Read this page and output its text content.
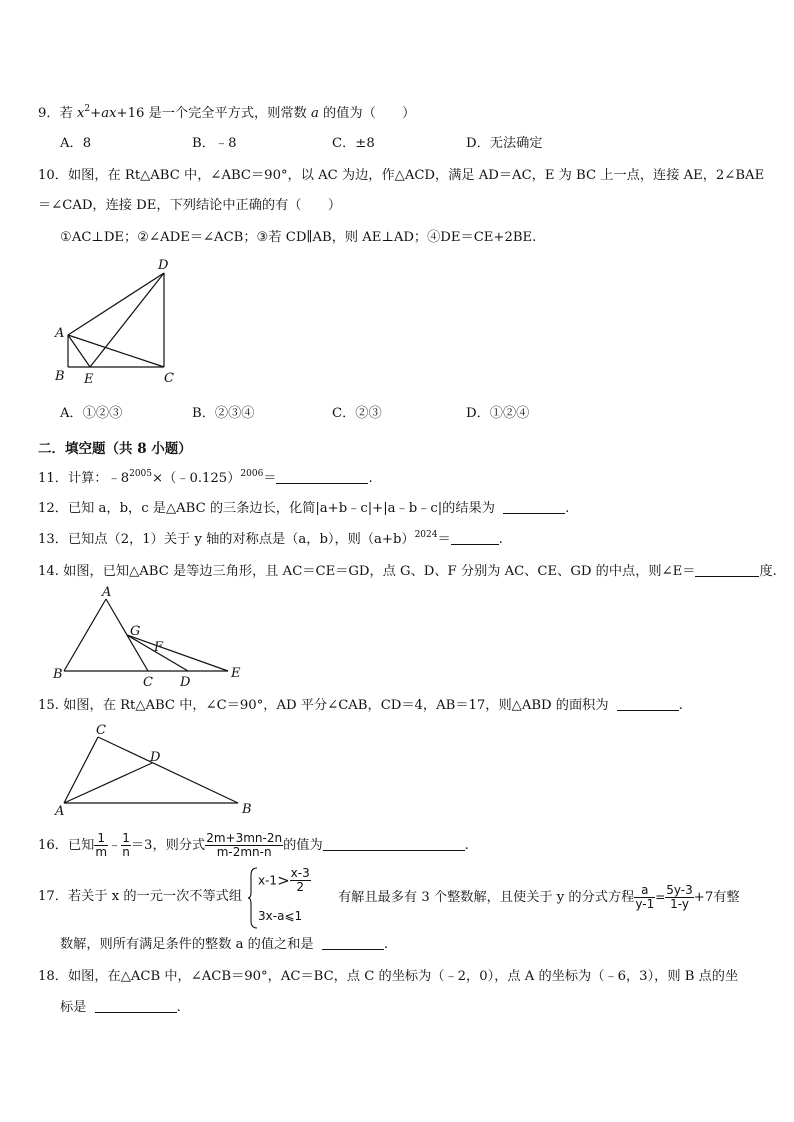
9．若 $x^2+ax+16$ 是一个完全平方式，则常数 a 的值为（　　）
A．8	B．﹣8	C．±8	D．无法确定
10．如图，在 Rt△ABC 中，∠ABC＝90°，以 AC 为边，作△ACD，满足 AD＝AC，E 为 BC 上一点，连接 AE，2∠BAE
＝∠CAD，连接 DE，下列结论中正确的有（　　）
①AC⊥DE；②∠ADE＝∠ACB；③若 CD∥AB，则 AE⊥AD；④DE＝CE+2BE.
D
A
B E	C
A．①②③	B．②③④	C．②③	D．①②④
二．填空题（共 8 小题）
11．计算：$﹣8^{2005}\times(﹣0.125)^{2006}=$	.
12．已知 a，b，c 是△ABC 的三条边长，化简|a+b﹣c|+|a﹣b﹣c|的结果为	.
13．已知点（2，1）关于 y 轴的对称点是（a，b），则$(a+b)^{2024}=$	.
14. 如图，已知△ABC 是等边三角形，且 AC＝CE＝GD，点 G、D、F 分别为 AC、CE、GD 的中点，则∠E＝	度.
A
G
F
B
C D
E
15. 如图，在 Rt△ABC 中，∠C＝90°，AD 平分∠CAB，CD＝4，AB＝17，则△ABD 的面积为	.
C
D
A	B
16．已知 $\frac{1}{m}$ ﹣ $\frac{1}{n} =3$，则分式 $\frac{2m+3mn-2n}{m-2mn-n}$ 的值为	.
17．若关于 x 的一元一次不等式组
$x-1> \frac{x-3}{2}$
3x-a⩽1
有解且最多有 3 个整数解，且使关于 y 的分式方程 $\frac{a}{y-1} = \frac{5y-3}{1-y} +7$有整
数解，则所有满足条件的整数 a 的值之和是	.
18．如图，在△ACB 中，∠ACB＝90°，AC＝BC，点 C 的坐标为（﹣2，0），点 A 的坐标为（﹣6，3），则 B 点的坐
标是	.
